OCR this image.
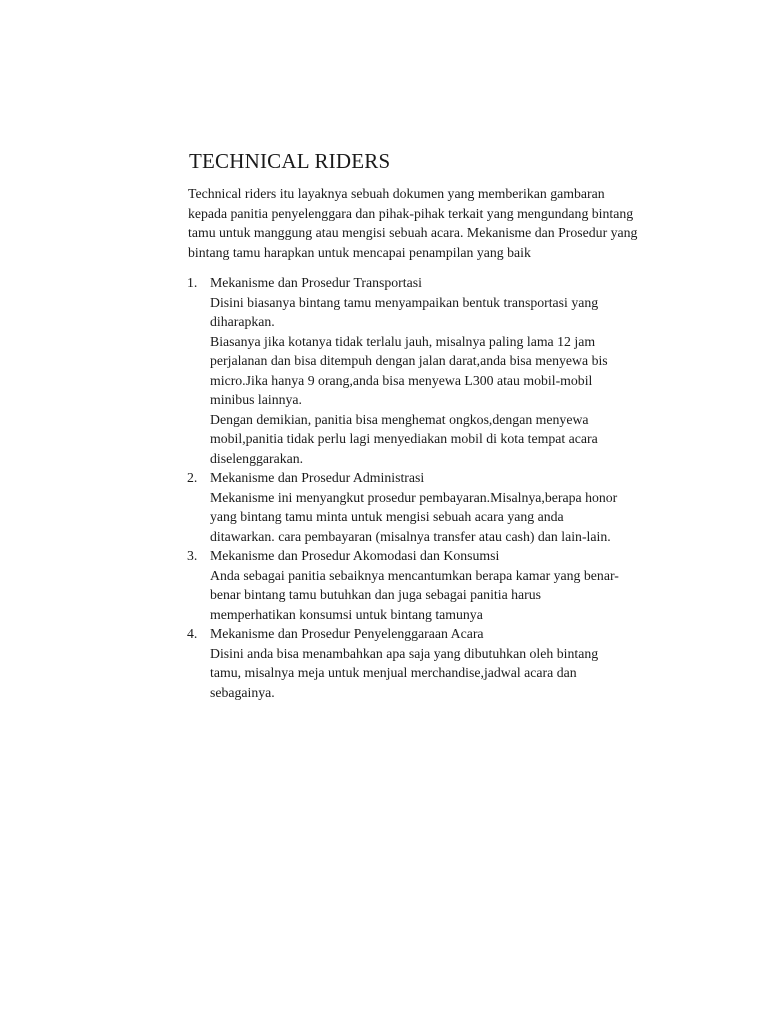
TECHNICAL RIDERS

Technical riders itu layaknya sebuah dokumen yang memberikan gambaran
kepada panitia penyelenggara dan pihak-pihak terkait yang mengundang bintang
tamu untuk manggung atau mengisi sebuah acara. Mekanisme dan Prosedur yang
bintang tamu harapkan untuk mencapai penampilan yang baik

1. Mekanisme dan Prosedur Transportasi
Disini biasanya bintang tamu menyampaikan bentuk transportasi yang
diharapkan.
Biasanya jika kotanya tidak terlalu jauh, misalnya paling lama 12 jam
perjalanan dan bisa ditempuh dengan jalan darat,anda bisa menyewa bis
micro.Jika hanya 9 orang,anda bisa menyewa L300 atau mobil-mobil
minibus lainnya.
Dengan demikian, panitia bisa menghemat ongkos,dengan menyewa
mobil,panitia tidak perlu lagi menyediakan mobil di kota tempat acara
diselenggarakan.
2. Mekanisme dan Prosedur Administrasi
Mekanisme ini menyangkut prosedur pembayaran.Misalnya,berapa honor
yang bintang tamu minta untuk mengisi sebuah acara yang anda
ditawarkan. cara pembayaran (misalnya transfer atau cash) dan lain-lain.
3. Mekanisme dan Prosedur Akomodasi dan Konsumsi
Anda sebagai panitia sebaiknya mencantumkan berapa kamar yang benar-
benar bintang tamu butuhkan dan juga sebagai panitia harus
memperhatikan konsumsi untuk bintang tamunya
4. Mekanisme dan Prosedur Penyelenggaraan Acara
Disini anda bisa menambahkan apa saja yang dibutuhkan oleh bintang
tamu, misalnya meja untuk menjual merchandise,jadwal acara dan
sebagainya.
